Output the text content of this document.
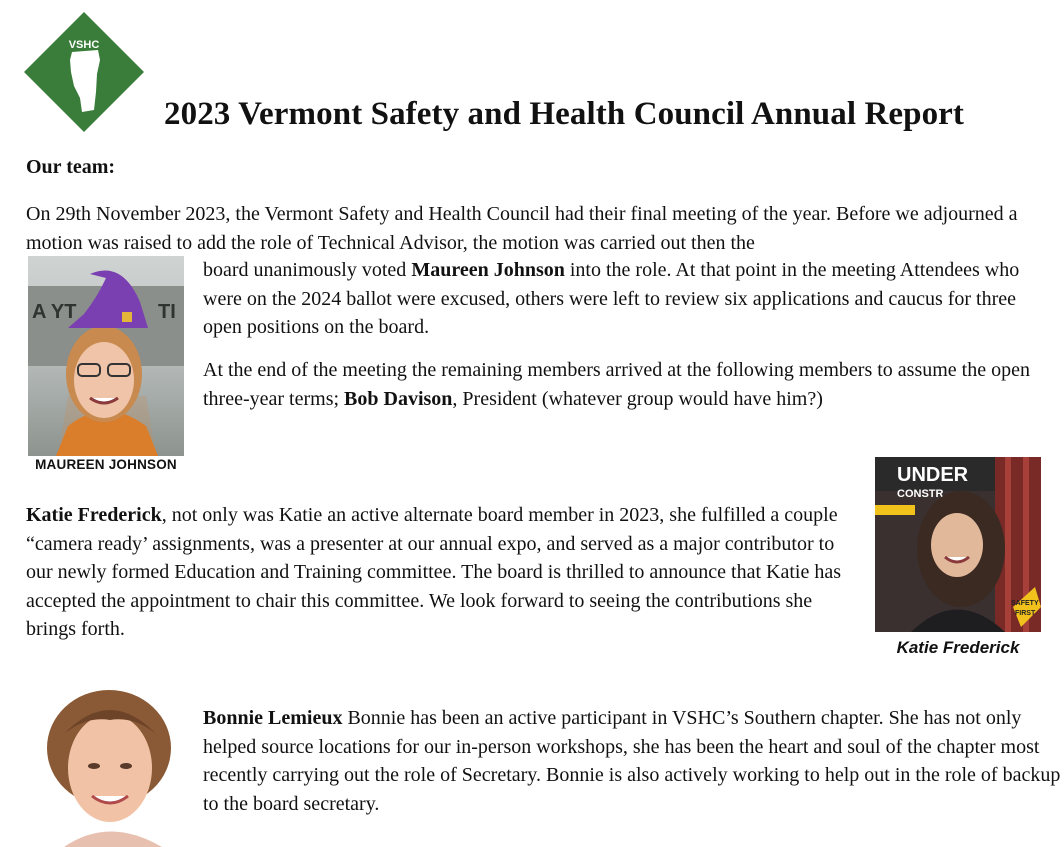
VSHC
2023 Vermont Safety and Health Council Annual Report
Our team:
On 29th November 2023, the Vermont Safety and Health Council had their final meeting of the year. Before we adjourned a motion was raised to add the role of Technical Advisor, the motion was carried out then the
board unanimously voted Maureen Johnson into the role. At that point in the meeting Attendees who were on the 2024 ballot were excused, others were left to review six applications and caucus for three open positions on the board.
At the end of the meeting the remaining members arrived at the following members to assume the open three-year terms; Bob Davison, President (whatever group would have him?)
Katie Frederick, not only was Katie an active alternate board member in 2023, she fulfilled a couple “camera ready’ assignments, was a presenter at our annual expo, and served as a major contributor to our newly formed Education and Training committee. The board is thrilled to announce that Katie has accepted the appointment to chair this committee. We look forward to seeing the contributions she brings forth.
Bonnie Lemieux Bonnie has been an active participant in VSHC’s Southern chapter. She has not only helped source locations for our in-person workshops, she has been the heart and soul of the chapter most recently carrying out the role of Secretary. Bonnie is also actively working to help out in the role of backup to the board secretary.
A YT	TI
MAUREEN JOHNSON	UNDER
CONSTR
SAFETY
FIRST
Katie Frederick
